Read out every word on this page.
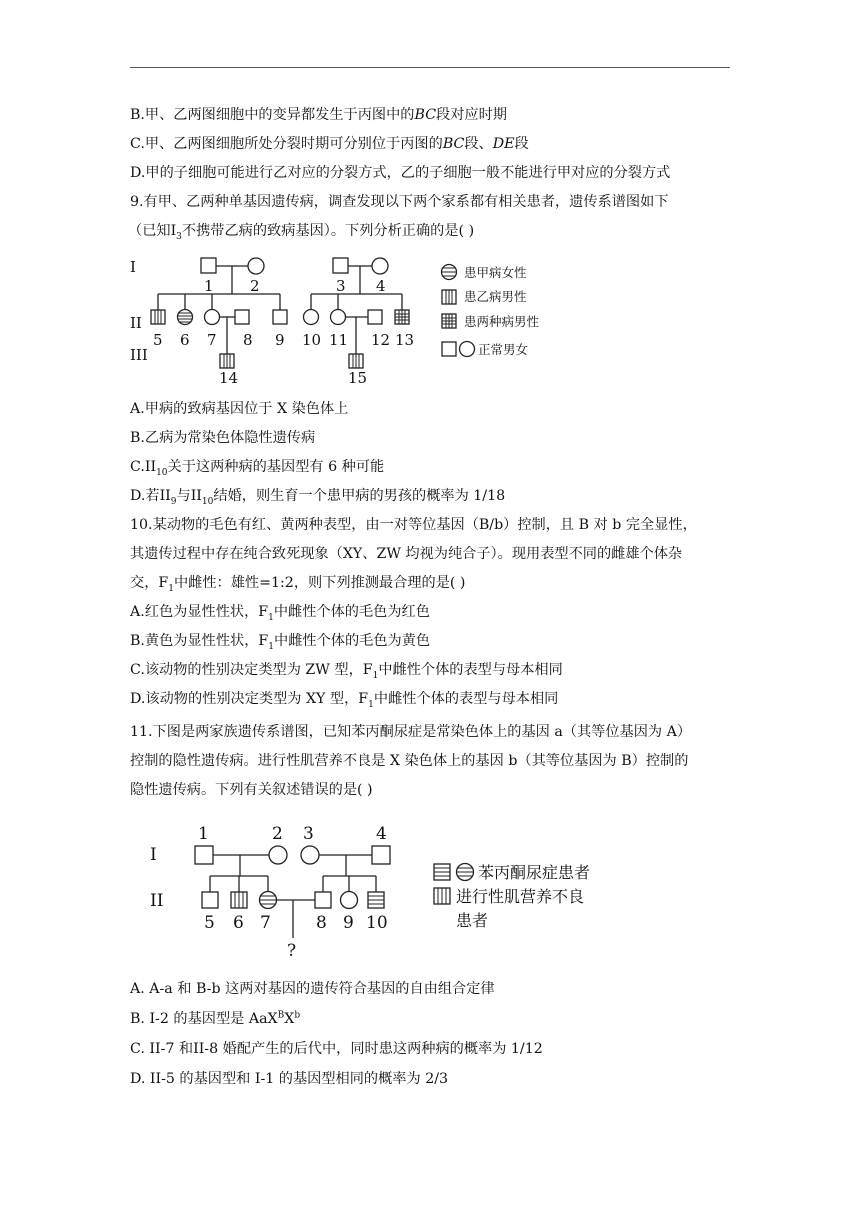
B.甲、乙两图细胞中的变异都发生于丙图中的BC段对应时期
C.甲、乙两图细胞所处分裂时期可分别位于丙图的BC段、DE段
D.甲的子细胞可能进行乙对应的分裂方式，乙的子细胞一般不能进行甲对应的分裂方式
9.有甲、乙两种单基因遗传病，调查发现以下两个家系都有相关患者，遗传系谱图如下
（已知$I_3$不携带乙病的致病基因）。下列分析正确的是( )
I
II
III
1 2	3 4
5 6 7 8 9 10 11 12 13
14	15
患甲病女性
患乙病男性
患两种病男性
正常男女
A.甲病的致病基因位于 X 染色体上
B.乙病为常染色体隐性遗传病
$C.II_{10}$关于这两种病的基因型有 6 种可能
D.若$II_9$与$II_{10}$结婚，则生育一个患甲病的男孩的概率为 1/18
10.某动物的毛色有红、黄两种表型，由一对等位基因（B/b）控制，且 B 对 b 完全显性，
其遗传过程中存在纯合致死现象（XY、ZW 均视为纯合子）。现用表型不同的雌雄个体杂
交，$F_1$中雌性：雄性=1:2，则下列推测最合理的是( )
A.红色为显性性状，$F_1$中雌性个体的毛色为红色
B.黄色为显性性状，$F_1$中雌性个体的毛色为黄色
C.该动物的性别决定类型为 ZW 型，$F_1$中雌性个体的表型与母本相同
D.该动物的性别决定类型为 XY 型，$F_1$中雌性个体的表型与母本相同
11.下图是两家族遗传系谱图，已知苯丙酮尿症是常染色体上的基因 a（其等位基因为 A）
控制的隐性遗传病。进行性肌营养不良是 X 染色体上的基因 b（其等位基因为 B）控制的
隐性遗传病。下列有关叙述错误的是( )
I
II
1	2 3	4
5 6 7	8 9 10
?
苯丙酮尿症患者
进行性肌营养不良
患者
A. A-a 和 B-b 这两对基因的遗传符合基因的自由组合定律
B. I-2 的基因型是 $AaX^BX^b$
C. II-7 和II-8 婚配产生的后代中，同时患这两种病的概率为 1/12
D. II-5 的基因型和 I-1 的基因型相同的概率为 2/3
